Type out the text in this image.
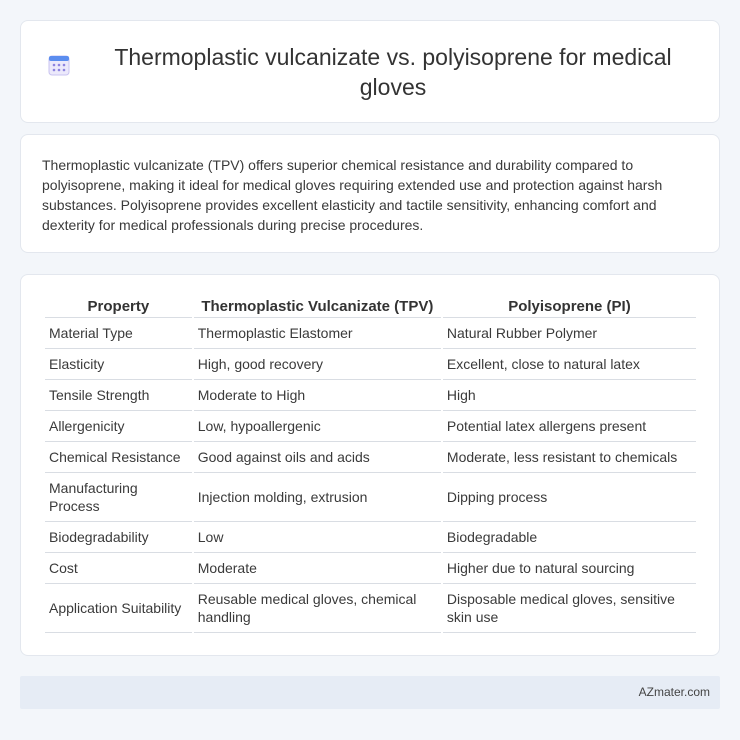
Thermoplastic vulcanizate vs. polyisoprene for medical gloves

Thermoplastic vulcanizate (TPV) offers superior chemical resistance and durability compared to polyisoprene, making it ideal for medical gloves requiring extended use and protection against harsh substances. Polyisoprene provides excellent elasticity and tactile sensitivity, enhancing comfort and dexterity for medical professionals during precise procedures.

Property	Thermoplastic Vulcanizate (TPV)	Polyisoprene (PI)
Material Type	Thermoplastic Elastomer	Natural Rubber Polymer
Elasticity	High, good recovery	Excellent, close to natural latex
Tensile Strength	Moderate to High	High
Allergenicity	Low, hypoallergenic	Potential latex allergens present
Chemical Resistance	Good against oils and acids	Moderate, less resistant to chemicals
Manufacturing Process	Injection molding, extrusion	Dipping process
Biodegradability	Low	Biodegradable
Cost	Moderate	Higher due to natural sourcing
Application Suitability	Reusable medical gloves, chemical handling	Disposable medical gloves, sensitive skin use
AZmater.com
